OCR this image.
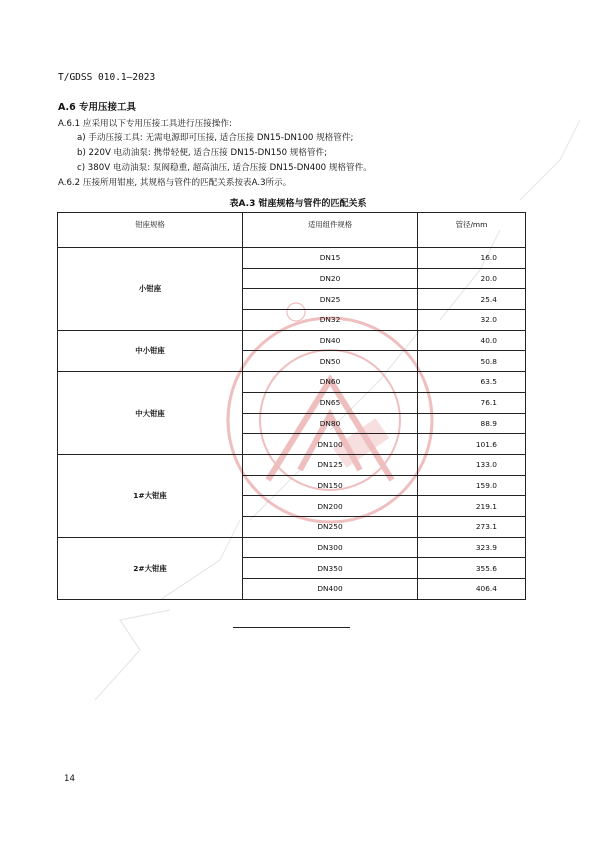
T/GDSS 010.1—2023
A.6 专用压接工具
A.6.1 应采用以下专用压接工具进行压接操作:
a) 手动压接工具: 无需电源即可压接, 适合压接 DN15-DN100 规格管件;
b) 220V 电动油泵: 携带轻便, 适合压接 DN15-DN150 规格管件;
c) 380V 电动油泵: 泵阀稳重, 超高油压, 适合压接 DN15-DN400 规格管件。
A.6.2 压接所用钳座, 其规格与管件的匹配关系按表A.3所示。
表A.3 钳座规格与管件的匹配关系
钳座规格	适用组件规格	管径/mm
小钳座	DN15	16.0
	DN20	20.0
	DN25	25.4
	DN32	32.0
中小钳座	DN40	40.0
	DN50	50.8
中大钳座	DN60	63.5
	DN65	76.1
	DN80	88.9
	DN100	101.6
1#大钳座	DN125	133.0
	DN150	159.0
	DN200	219.1
	DN250	273.1
2#大钳座	DN300	323.9
	DN350	355.6
	DN400	406.4
14
